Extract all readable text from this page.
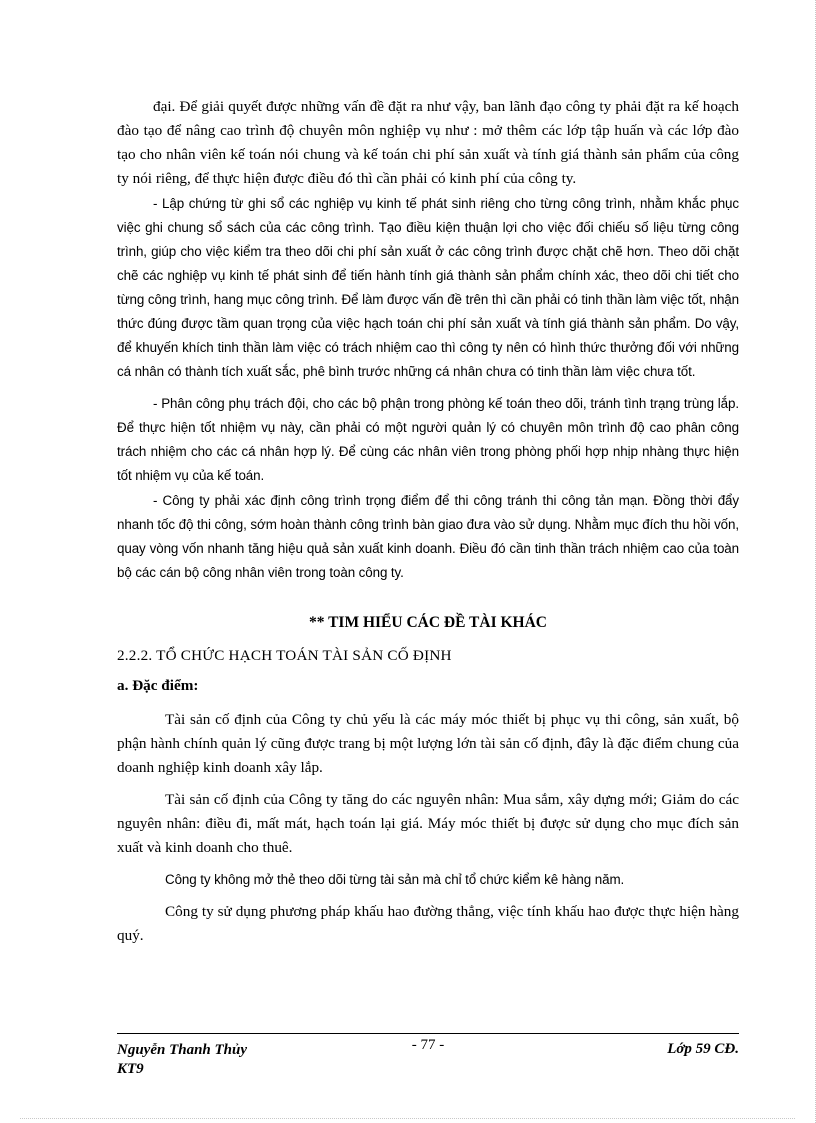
đại. Để giải quyết được những vấn đề đặt ra như vậy, ban lãnh đạo công ty phải đặt ra kế hoạch đào tạo để nâng cao trình độ chuyên môn nghiệp vụ như : mở thêm các lớp tập huấn và các lớp đào tạo cho nhân viên kế toán nói chung và kế toán chi phí sản xuất và tính giá thành sản phẩm của công ty nói riêng, để thực hiện được điều đó thì cần phải có kinh phí của công ty.

- Lập chứng từ ghi sổ các nghiệp vụ kinh tế phát sinh riêng cho từng công trình, nhằm khắc phục việc ghi chung sổ sách của các công trình. Tạo điều kiện thuận lợi cho việc đối chiếu số liệu từng công trình, giúp cho việc kiểm tra theo dõi chi phí sản xuất ở các công trình được chặt chẽ hơn. Theo dõi chặt chẽ các nghiệp vụ kinh tế phát sinh để tiến hành tính giá thành sản phẩm chính xác, theo dõi chi tiết cho từng công trình, hang mục công trình. Để làm được vấn đề trên thì cần phải có tinh thần làm việc tốt, nhận thức đúng được tầm quan trọng của việc hạch toán chi phí sản xuất và tính giá thành sản phẩm. Do vậy, để khuyến khích tinh thần làm việc có trách nhiệm cao thì công ty nên có hình thức thưởng đối với những cá nhân có thành tích xuất sắc, phê bình trước những cá nhân chưa có tinh thần làm việc chưa tốt.

- Phân công phụ trách đội, cho các bộ phận trong phòng kế toán theo dõi, tránh tình trạng trùng lắp. Để thực hiện tốt nhiệm vụ này, cần phải có một người quản lý có chuyên môn trình độ cao phân công trách nhiệm cho các cá nhân hợp lý. Để cùng các nhân viên trong phòng phối hợp nhịp nhàng thực hiện tốt nhiệm vụ của kế toán.

- Công ty phải xác định công trình trọng điểm để thi công tránh thi công tản mạn. Đồng thời đẩy nhanh tốc độ thi công, sớm hoàn thành công trình bàn giao đưa vào sử dụng. Nhằm mục đích thu hồi vốn, quay vòng vốn nhanh tăng hiệu quả sản xuất kinh doanh. Điều đó cần tinh thần trách nhiệm cao của toàn bộ các cán bộ công nhân viên trong toàn công ty.

** TIM HIỂU CÁC ĐỀ TÀI KHÁC

2.2.2. TỔ CHỨC HẠCH TOÁN TÀI SẢN CỐ ĐỊNH

a. Đặc điểm:

Tài sản cố định của Công ty chủ yếu là các máy móc thiết bị phục vụ thi công, sản xuất, bộ phận hành chính quản lý cũng được trang bị một lượng lớn tài sản cố định, đây là đặc điểm chung của doanh nghiệp kinh doanh xây lắp.

Tài sản cố định của Công ty tăng do các nguyên nhân: Mua sắm, xây dựng mới; Giảm do các nguyên nhân: điều đi, mất mát, hạch toán lại giá. Máy móc thiết bị được sử dụng cho mục đích sản xuất và kinh doanh cho thuê.

Công ty không mở thẻ theo dõi từng tài sản mà chỉ tổ chức kiểm kê hàng năm.

Công ty sử dụng phương pháp khấu hao đường thẳng, việc tính khấu hao được thực hiện hàng quý.

Nguyễn Thanh Thủy
KT9
- 77 -	Lớp 59 CĐ.
